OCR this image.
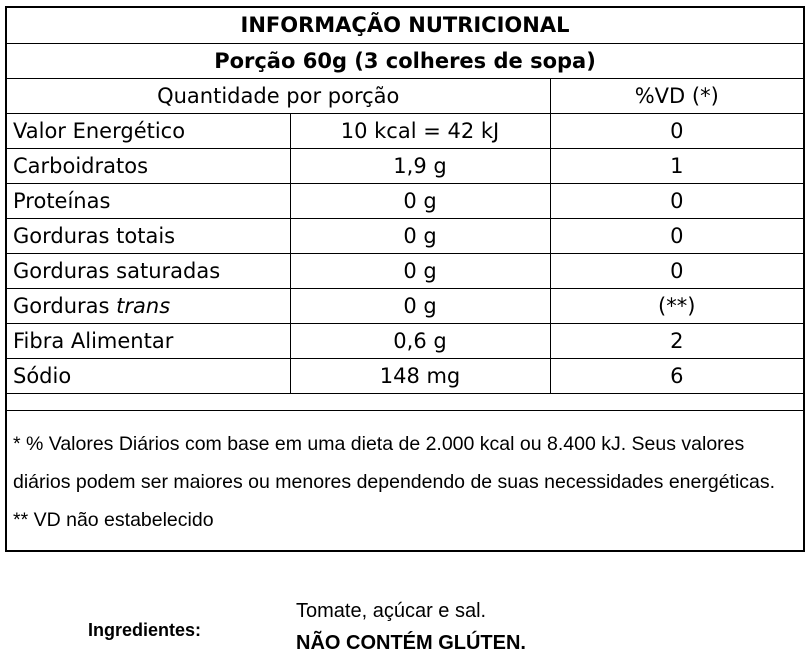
INFORMAÇÃO NUTRICIONAL		
Porção 60g (3 colheres de sopa)		
Quantidade por porção		%VD (*)
Valor Energético	10 kcal = 42 kJ	0
Carboidratos	1,9 g	1
Proteínas	0 g	0
Gorduras totais	0 g	0
Gorduras saturadas	0 g	0
Gorduras trans	0 g	(**)
Fibra Alimentar	0,6 g	2
Sódio	148 mg	6
* % Valores Diários com base em uma dieta de 2.000 kcal ou 8.400 kJ. Seus valores diários podem ser maiores ou menores dependendo de suas necessidades energéticas. ** VD não estabelecido
Ingredientes:
Tomate, açúcar e sal.
NÃO CONTÉM GLÚTEN.
